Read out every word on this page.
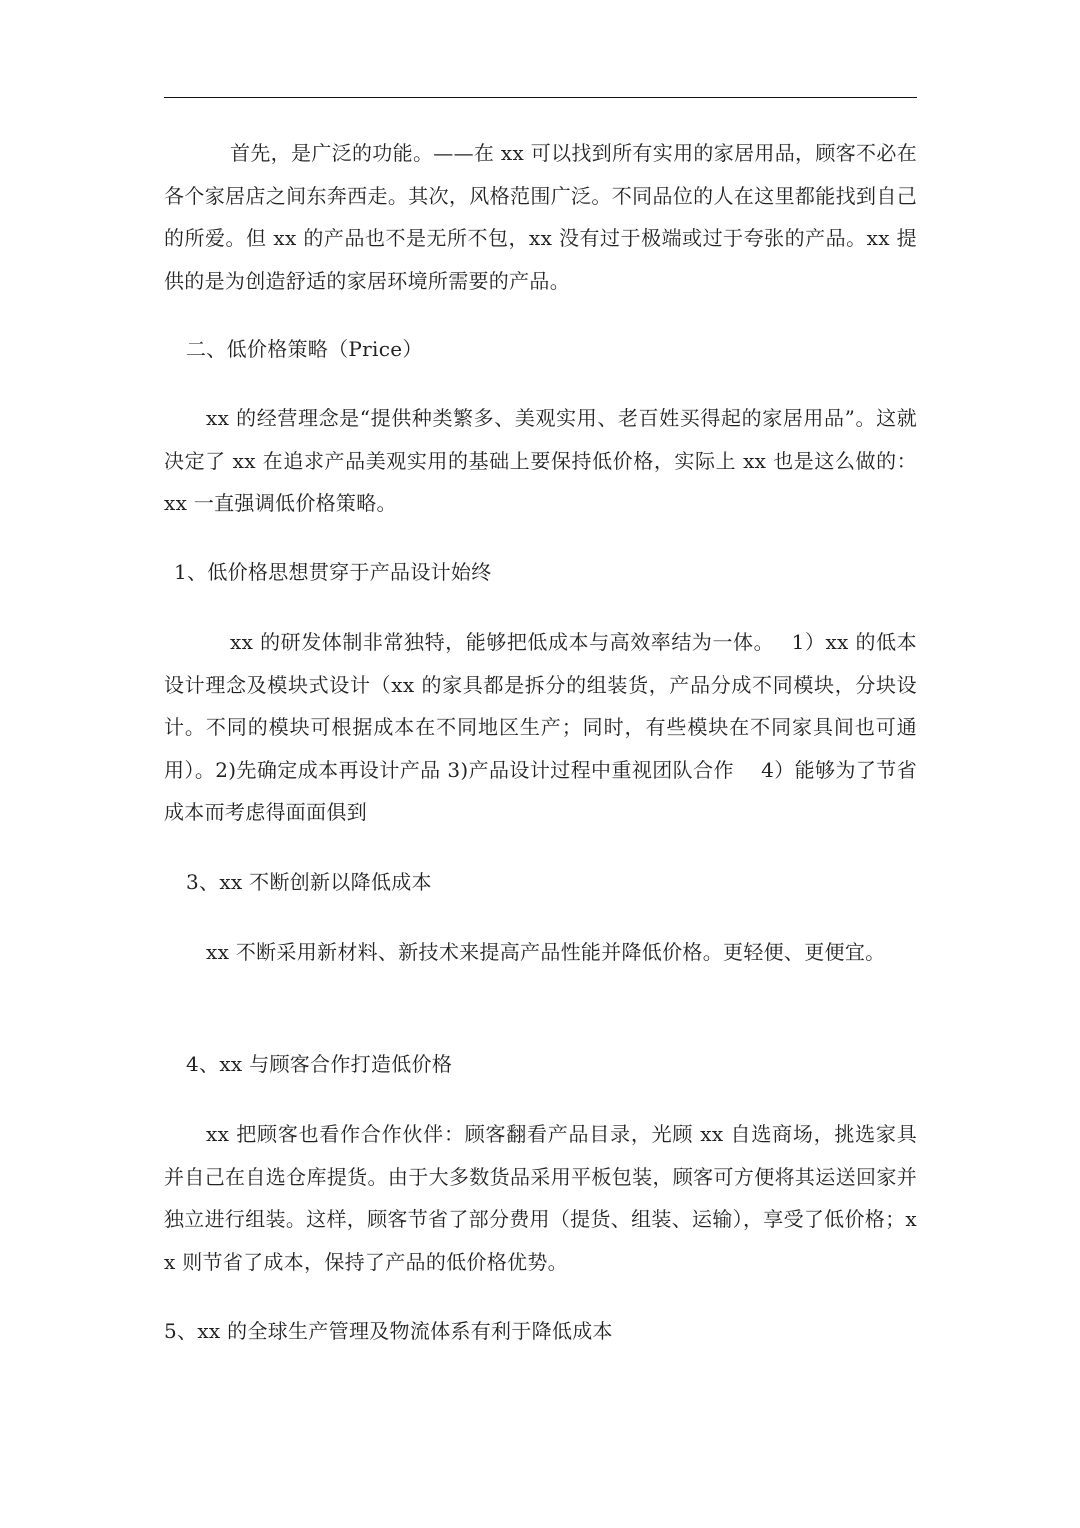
首先，是广泛的功能。——在 xx 可以找到所有实用的家居用品，顾客不必在各个家居店之间东奔西走。其次，风格范围广泛。不同品位的人在这里都能找到自己的所爱。但 xx 的产品也不是无所不包，xx 没有过于极端或过于夸张的产品。xx 提供的是为创造舒适的家居环境所需要的产品。

二、低价格策略（Price）

xx 的经营理念是“提供种类繁多、美观实用、老百姓买得起的家居用品”。这就决定了 xx 在追求产品美观实用的基础上要保持低价格，实际上 xx 也是这么做的：xx 一直强调低价格策略。

1、低价格思想贯穿于产品设计始终

xx 的研发体制非常独特，能够把低成本与高效率结为一体。　 1）xx 的低本设计理念及模块式设计（xx 的家具都是拆分的组装货，产品分成不同模块，分块设计。不同的模块可根据成本在不同地区生产；同时，有些模块在不同家具间也可通用）。2)先确定成本再设计产品 3)产品设计过程中重视团队合作　 4）能够为了节省成本而考虑得面面俱到

3、xx 不断创新以降低成本

xx 不断采用新材料、新技术来提高产品性能并降低价格。更轻便、更便宜。

4、xx 与顾客合作打造低价格

xx 把顾客也看作合作伙伴：顾客翻看产品目录，光顾 xx 自选商场，挑选家具并自己在自选仓库提货。由于大多数货品采用平板包装，顾客可方便将其运送回家并独立进行组装。这样，顾客节省了部分费用（提货、组装、运输），享受了低价格；xx 则节省了成本，保持了产品的低价格优势。

5、xx 的全球生产管理及物流体系有利于降低成本
